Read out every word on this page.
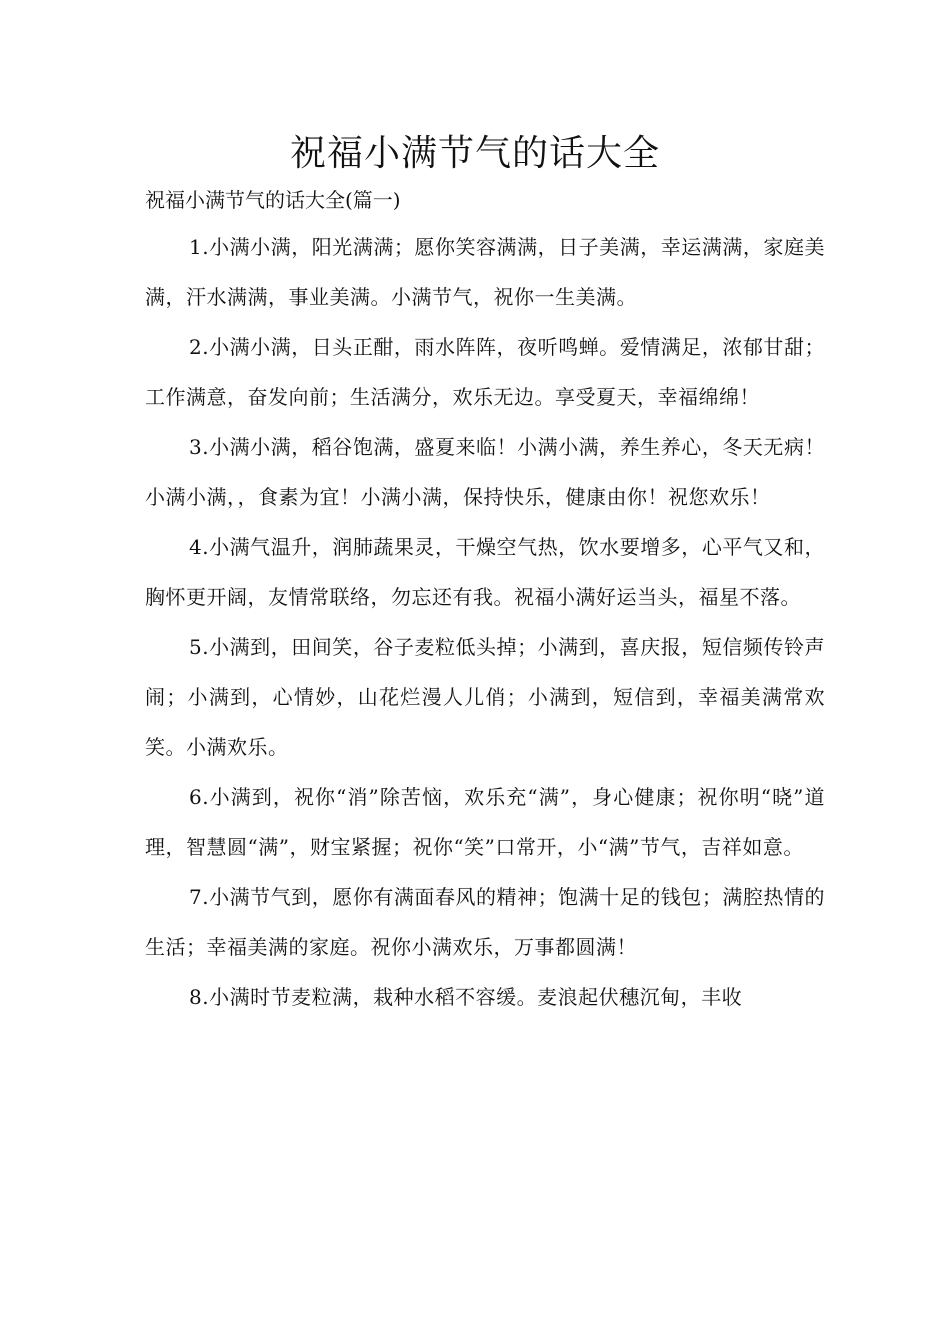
祝福小满节气的话大全

祝福小满节气的话大全(篇一)

1.小满小满，阳光满满；愿你笑容满满，日子美满，幸运满满，家庭美满，汗水满满，事业美满。小满节气，祝你一生美满。

2.小满小满，日头正酣，雨水阵阵，夜听鸣蝉。爱情满足，浓郁甘甜；工作满意，奋发向前；生活满分，欢乐无边。享受夏天，幸福绵绵！

3.小满小满，稻谷饱满，盛夏来临！小满小满，养生养心，冬天无病！小满小满，，食素为宜！小满小满，保持快乐，健康由你！祝您欢乐！

4.小满气温升，润肺蔬果灵，干燥空气热，饮水要增多，心平气又和，胸怀更开阔，友情常联络，勿忘还有我。祝福小满好运当头，福星不落。

5.小满到，田间笑，谷子麦粒低头掉；小满到，喜庆报，短信频传铃声闹；小满到，心情妙，山花烂漫人儿俏；小满到，短信到，幸福美满常欢笑。小满欢乐。

6.小满到，祝你“消”除苦恼，欢乐充“满”，身心健康；祝你明“晓”道理，智慧圆“满”，财宝紧握；祝你“笑”口常开，小“满”节气，吉祥如意。

7.小满节气到，愿你有满面春风的精神；饱满十足的钱包；满腔热情的生活；幸福美满的家庭。祝你小满欢乐，万事都圆满！

8.小满时节麦粒满，栽种水稻不容缓。麦浪起伏穗沉甸，丰收
